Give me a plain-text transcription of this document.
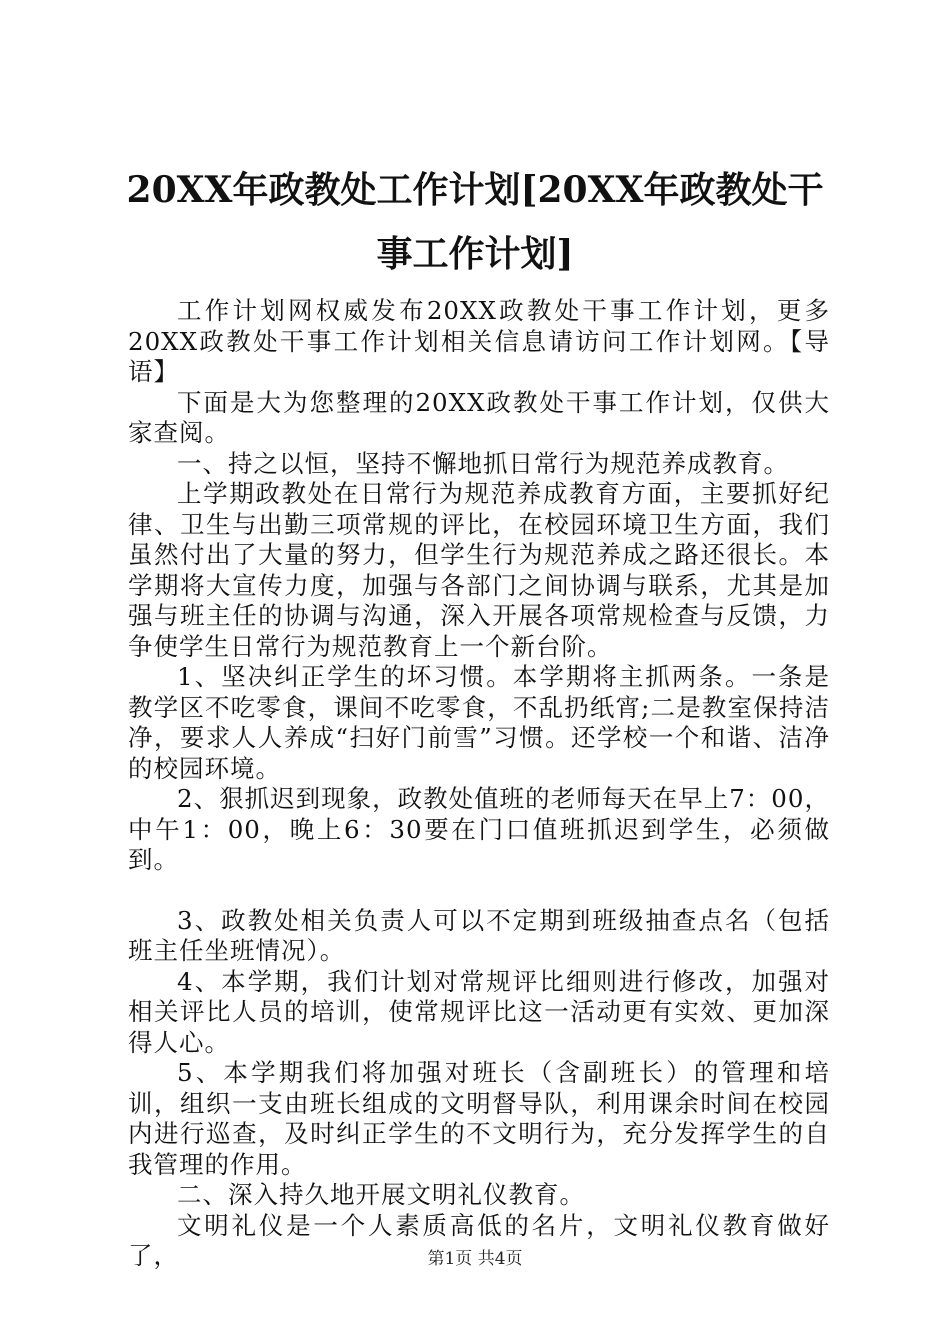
20XX年政教处工作计划[20XX年政教处干事工作计划]

工作计划网权威发布20XX政教处干事工作计划，更多20XX政教处干事工作计划相关信息请访问工作计划网。【导语】

下面是大为您整理的20XX政教处干事工作计划，仅供大家查阅。

一、持之以恒，坚持不懈地抓日常行为规范养成教育。

上学期政教处在日常行为规范养成教育方面，主要抓好纪律、卫生与出勤三项常规的评比，在校园环境卫生方面，我们虽然付出了大量的努力，但学生行为规范养成之路还很长。本学期将大宣传力度，加强与各部门之间协调与联系，尤其是加强与班主任的协调与沟通，深入开展各项常规检查与反馈，力争使学生日常行为规范教育上一个新台阶。

1、坚决纠正学生的坏习惯。本学期将主抓两条。一条是教学区不吃零食，课间不吃零食，不乱扔纸宵;二是教室保持洁净，要求人人养成“扫好门前雪”习惯。还学校一个和谐、洁净的校园环境。

2、狠抓迟到现象，政教处值班的老师每天在早上7：00，中午1：00，晚上6：30要在门口值班抓迟到学生，必须做到。

3、政教处相关负责人可以不定期到班级抽查点名（包括班主任坐班情况）。

4、本学期，我们计划对常规评比细则进行修改，加强对相关评比人员的培训，使常规评比这一活动更有实效、更加深得人心。

5、本学期我们将加强对班长（含副班长）的管理和培训，组织一支由班长组成的文明督导队，利用课余时间在校园内进行巡查，及时纠正学生的不文明行为，充分发挥学生的自我管理的作用。

二、深入持久地开展文明礼仪教育。

文明礼仪是一个人素质高低的名片，文明礼仪教育做好了，	第1页 共4页
